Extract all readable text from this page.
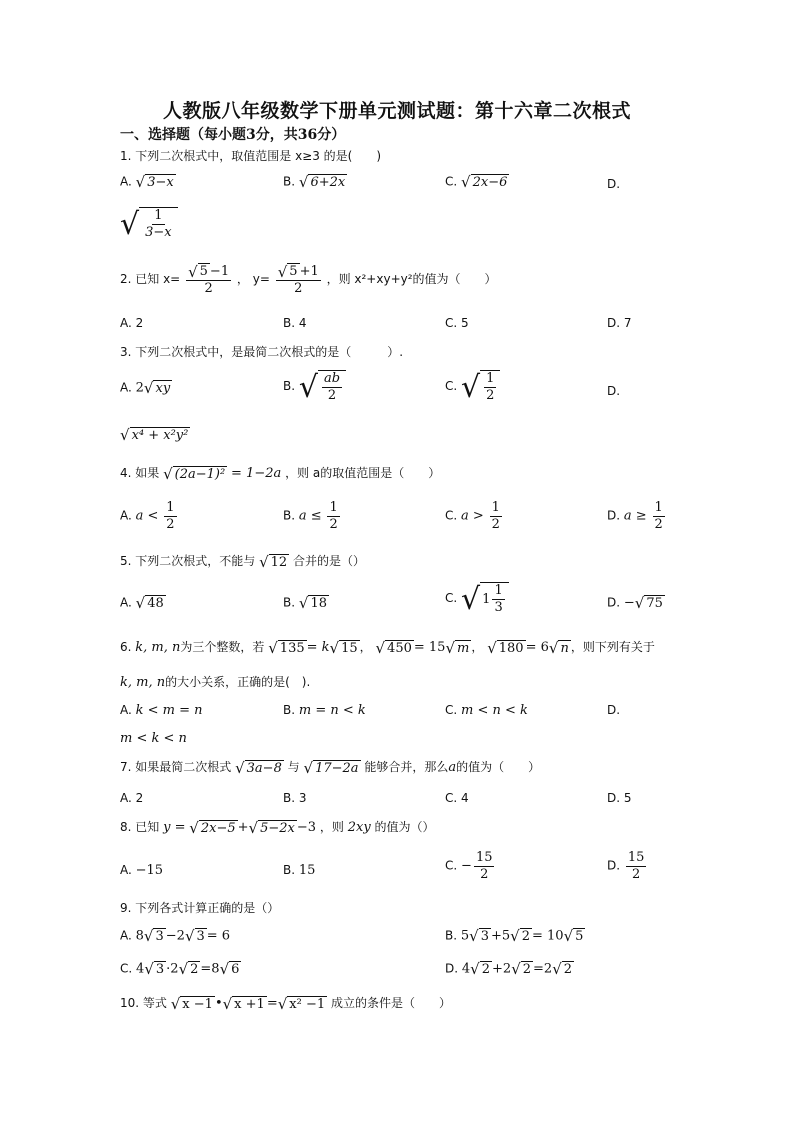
人教版八年级数学下册单元测试题：第十六章二次根式
一、选择题（每小题3分，共36分）
1. 下列二次根式中，取值范围是 x≥3 的是(　　)
A. √ 3−x	B. √ 6+2x	C. √ 2x−6	D.
√ $\frac{1}{3-x}$
2. 已知 $x= \frac{√ 5 -1}{2}$ ， $y= \frac{√ 5 +1}{2}$ ，则 x²+xy+y²的值为（　　）
A. 2	B. 4	C. 5	D. 7
3. 下列二次根式中，是最简二次根式的是（　　　）.
A. 2 √ xy	B. √ $\frac{ab}{2}$	C. √ $\frac{1}{2}$	D.
√ x⁴ + x²y²
4. 如果 √ (2a−1)² = 1−2a ，则 a的取值范围是（　　）
A. $a < \frac{1}{2}$	B. $a \le \frac{1}{2}$	C. $a > \frac{1}{2}$	D. $a \ge \frac{1}{2}$
5. 下列二次根式，不能与 √ 12 合并的是（）
A. √ 48	B. √ 18	C. √ $1 \frac{1}{3}$	D. − √ 75
6. k, m, n为三个整数，若 √ 135 = k √ 15 ， √ 450 = 15 √ m ， √ 180 = 6 √ n ，则下列有关于
k, m, n的大小关系，正确的是(　).
A. k < m = n	B. m = n < k	C. m < n < k	D.
m < k < n
7. 如果最简二次根式 √ 3a−8 与 √ 17−2a 能够合并，那么a的值为（　　）
A. 2	B. 3	C. 4	D. 5
8. 已知 y = √ 2x−5 + √ 5−2x −3 ，则 2xy 的值为（）
A. −15	B. 15	C. − $\frac{15}{2}$	D. $\frac{15}{2}$
9. 下列各式计算正确的是（）
A. 8 √ 3 −2 √ 3 = 6	B. 5 √ 3 +5 √ 2 = 10 √ 5
C. 4 √ 3 ·2 √ 2 =8 √ 6	D. 4 √ 2 +2 √ 2 =2 √ 2
10. 等式 √ x −1 • √ x +1 = √ x² −1 成立的条件是（　　）
